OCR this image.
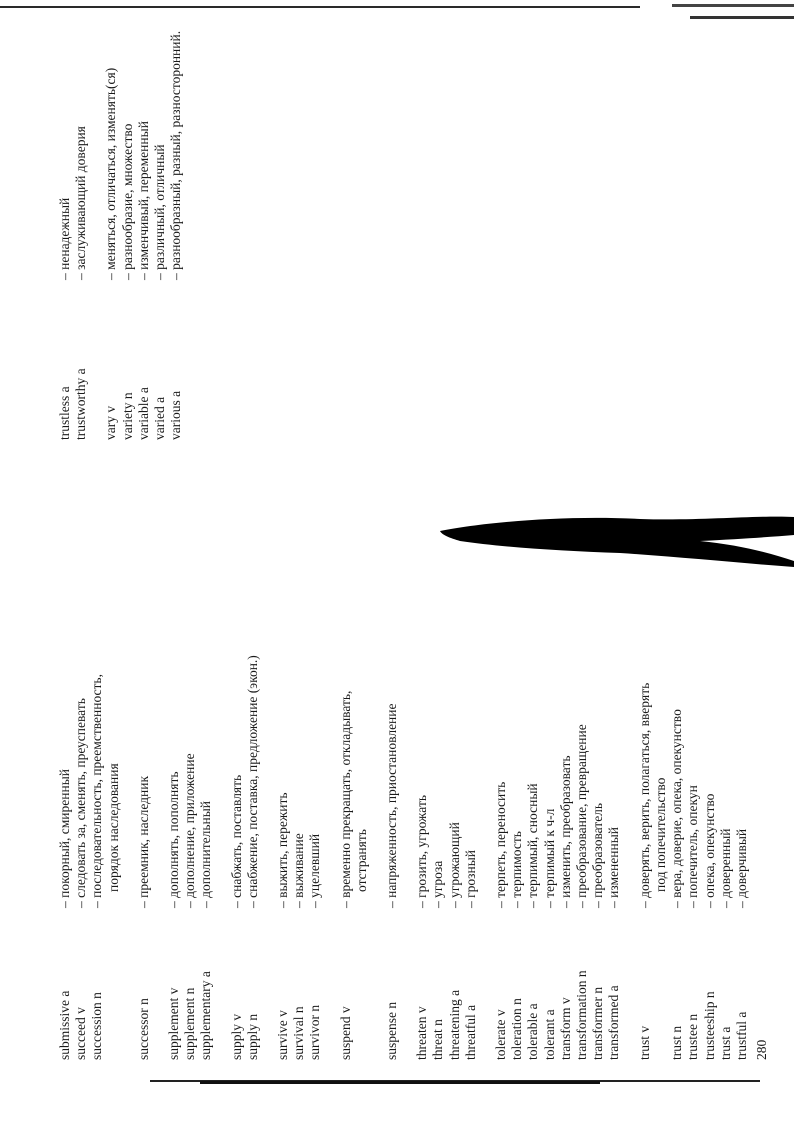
submissive a succeed v succession n
successor n supplement v supplement n supplementary a supply v supply n survive v survival n survivor n suspend v
suspense n threaten v threat n threatening a threatful a tolerate v toleration n tolerable a tolerant a transform v transformation n transformer n transformed a trust v
trust n trustee n trusteeship n trust a trustful a 280
– покорный, смиренный – следовать за, сменять, преуспевать – последовательность, преемственность, порядок наследования – преемник, наследник – дополнять, пополнять – дополнение, приложение – дополнительный – снабжать, поставлять – снабжение, поставка, предложение (экон.) – выжить, пережить – выживание – уцелевший – временно прекращать, откладывать, отстранять – напряженность, приостановление – грозить, угрожать – угроза – угрожающий – грозный – терпеть, переносить – терпимость – терпимый, сносный – терпимый к ч-л – изменить, преобразовать – преобразование, превращение – преобразователь – измененный – доверять, верить, полагаться, вверять под попечительство – вера, доверие, опека, опекунство – попечитель, опекун – опека, опекунство – доверенный – доверчивый
trustless a trustworthy a vary v variety n variable a varied a various a
– ненадежный – заслуживающий доверия – меняться, отличаться, изменять(ся) – разнообразие, множество – изменчивый, переменный – различный, отличный – разнообразный, разный, разносторонний.
